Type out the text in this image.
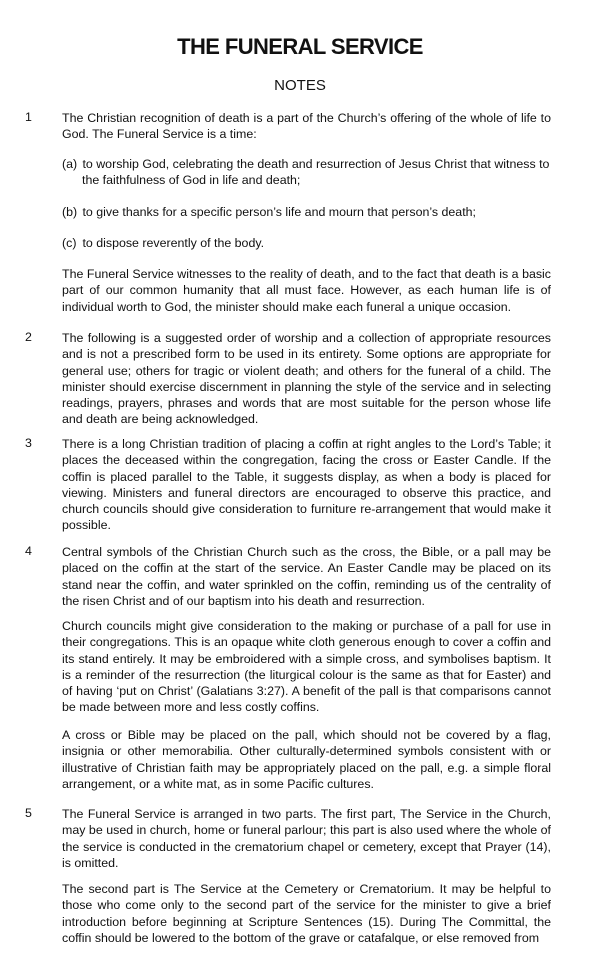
THE FUNERAL SERVICE
NOTES
1 The Christian recognition of death is a part of the Church’s offering of the whole of life to God. The Funeral Service is a time:

(a) to worship God, celebrating the death and resurrection of Jesus Christ that witness to
the faithfulness of God in life and death;
(b) to give thanks for a specific person’s life and mourn that person’s death;
(c) to dispose reverently of the body.

The Funeral Service witnesses to the reality of death, and to the fact that death is a basic part of our common humanity that all must face. However, as each human life is of individual worth to God, the minister should make each funeral a unique occasion.

2 The following is a suggested order of worship and a collection of appropriate resources and is not a prescribed form to be used in its entirety. Some options are appropriate for general use; others for tragic or violent death; and others for the funeral of a child. The minister should exercise discernment in planning the style of the service and in selecting readings, prayers, phrases and words that are most suitable for the person whose life and death are being acknowledged.

3 There is a long Christian tradition of placing a coffin at right angles to the Lord’s Table; it places the deceased within the congregation, facing the cross or Easter Candle. If the coffin is placed parallel to the Table, it suggests display, as when a body is placed for viewing. Ministers and funeral directors are encouraged to observe this practice, and church councils should give consideration to furniture re-arrangement that would make it possible.

4 Central symbols of the Christian Church such as the cross, the Bible, or a pall may be placed on the coffin at the start of the service. An Easter Candle may be placed on its stand near the coffin, and water sprinkled on the coffin, reminding us of the centrality of the risen Christ and of our baptism into his death and resurrection.

Church councils might give consideration to the making or purchase of a pall for use in their congregations. This is an opaque white cloth generous enough to cover a coffin and its stand entirely. It may be embroidered with a simple cross, and symbolises baptism. It is a reminder of the resurrection (the liturgical colour is the same as that for Easter) and of having ‘put on Christ’ (Galatians 3:27). A benefit of the pall is that comparisons cannot be made between more and less costly coffins.

A cross or Bible may be placed on the pall, which should not be covered by a flag, insignia or other memorabilia. Other culturally-determined symbols consistent with or illustrative of Christian faith may be appropriately placed on the pall, e.g. a simple floral arrangement, or a white mat, as in some Pacific cultures.

5 The Funeral Service is arranged in two parts. The first part, The Service in the Church, may be used in church, home or funeral parlour; this part is also used where the whole of the service is conducted in the crematorium chapel or cemetery, except that Prayer (14), is omitted.

The second part is The Service at the Cemetery or Crematorium. It may be helpful to those who come only to the second part of the service for the minister to give a brief introduction before beginning at Scripture Sentences (15). During The Committal, the coffin should be lowered to the bottom of the grave or catafalque, or else removed from
